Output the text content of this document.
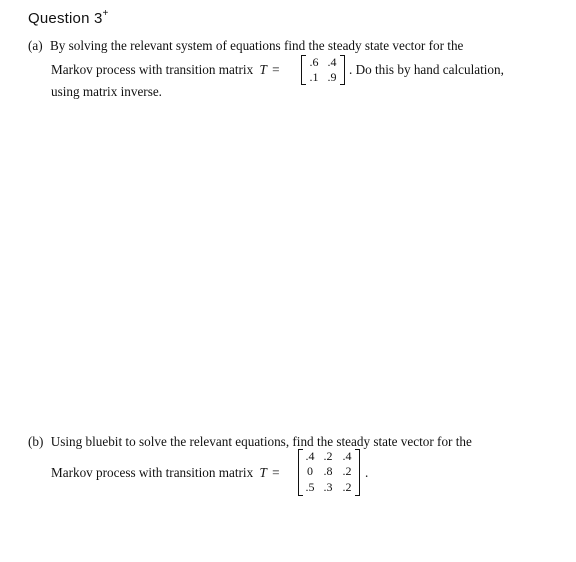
Question 3+
(a) By solving the relevant system of equations find the steady state vector for the
Markov process with transition matrix T = .6 .4
.1 .9 . Do this by hand calculation,
using matrix inverse.
(b) Using bluebit to solve the relevant equations, find the steady state vector for the
Markov process with transition matrix T =
.4 .2 .4
0 .8 .2
.5 .3 .2
.
